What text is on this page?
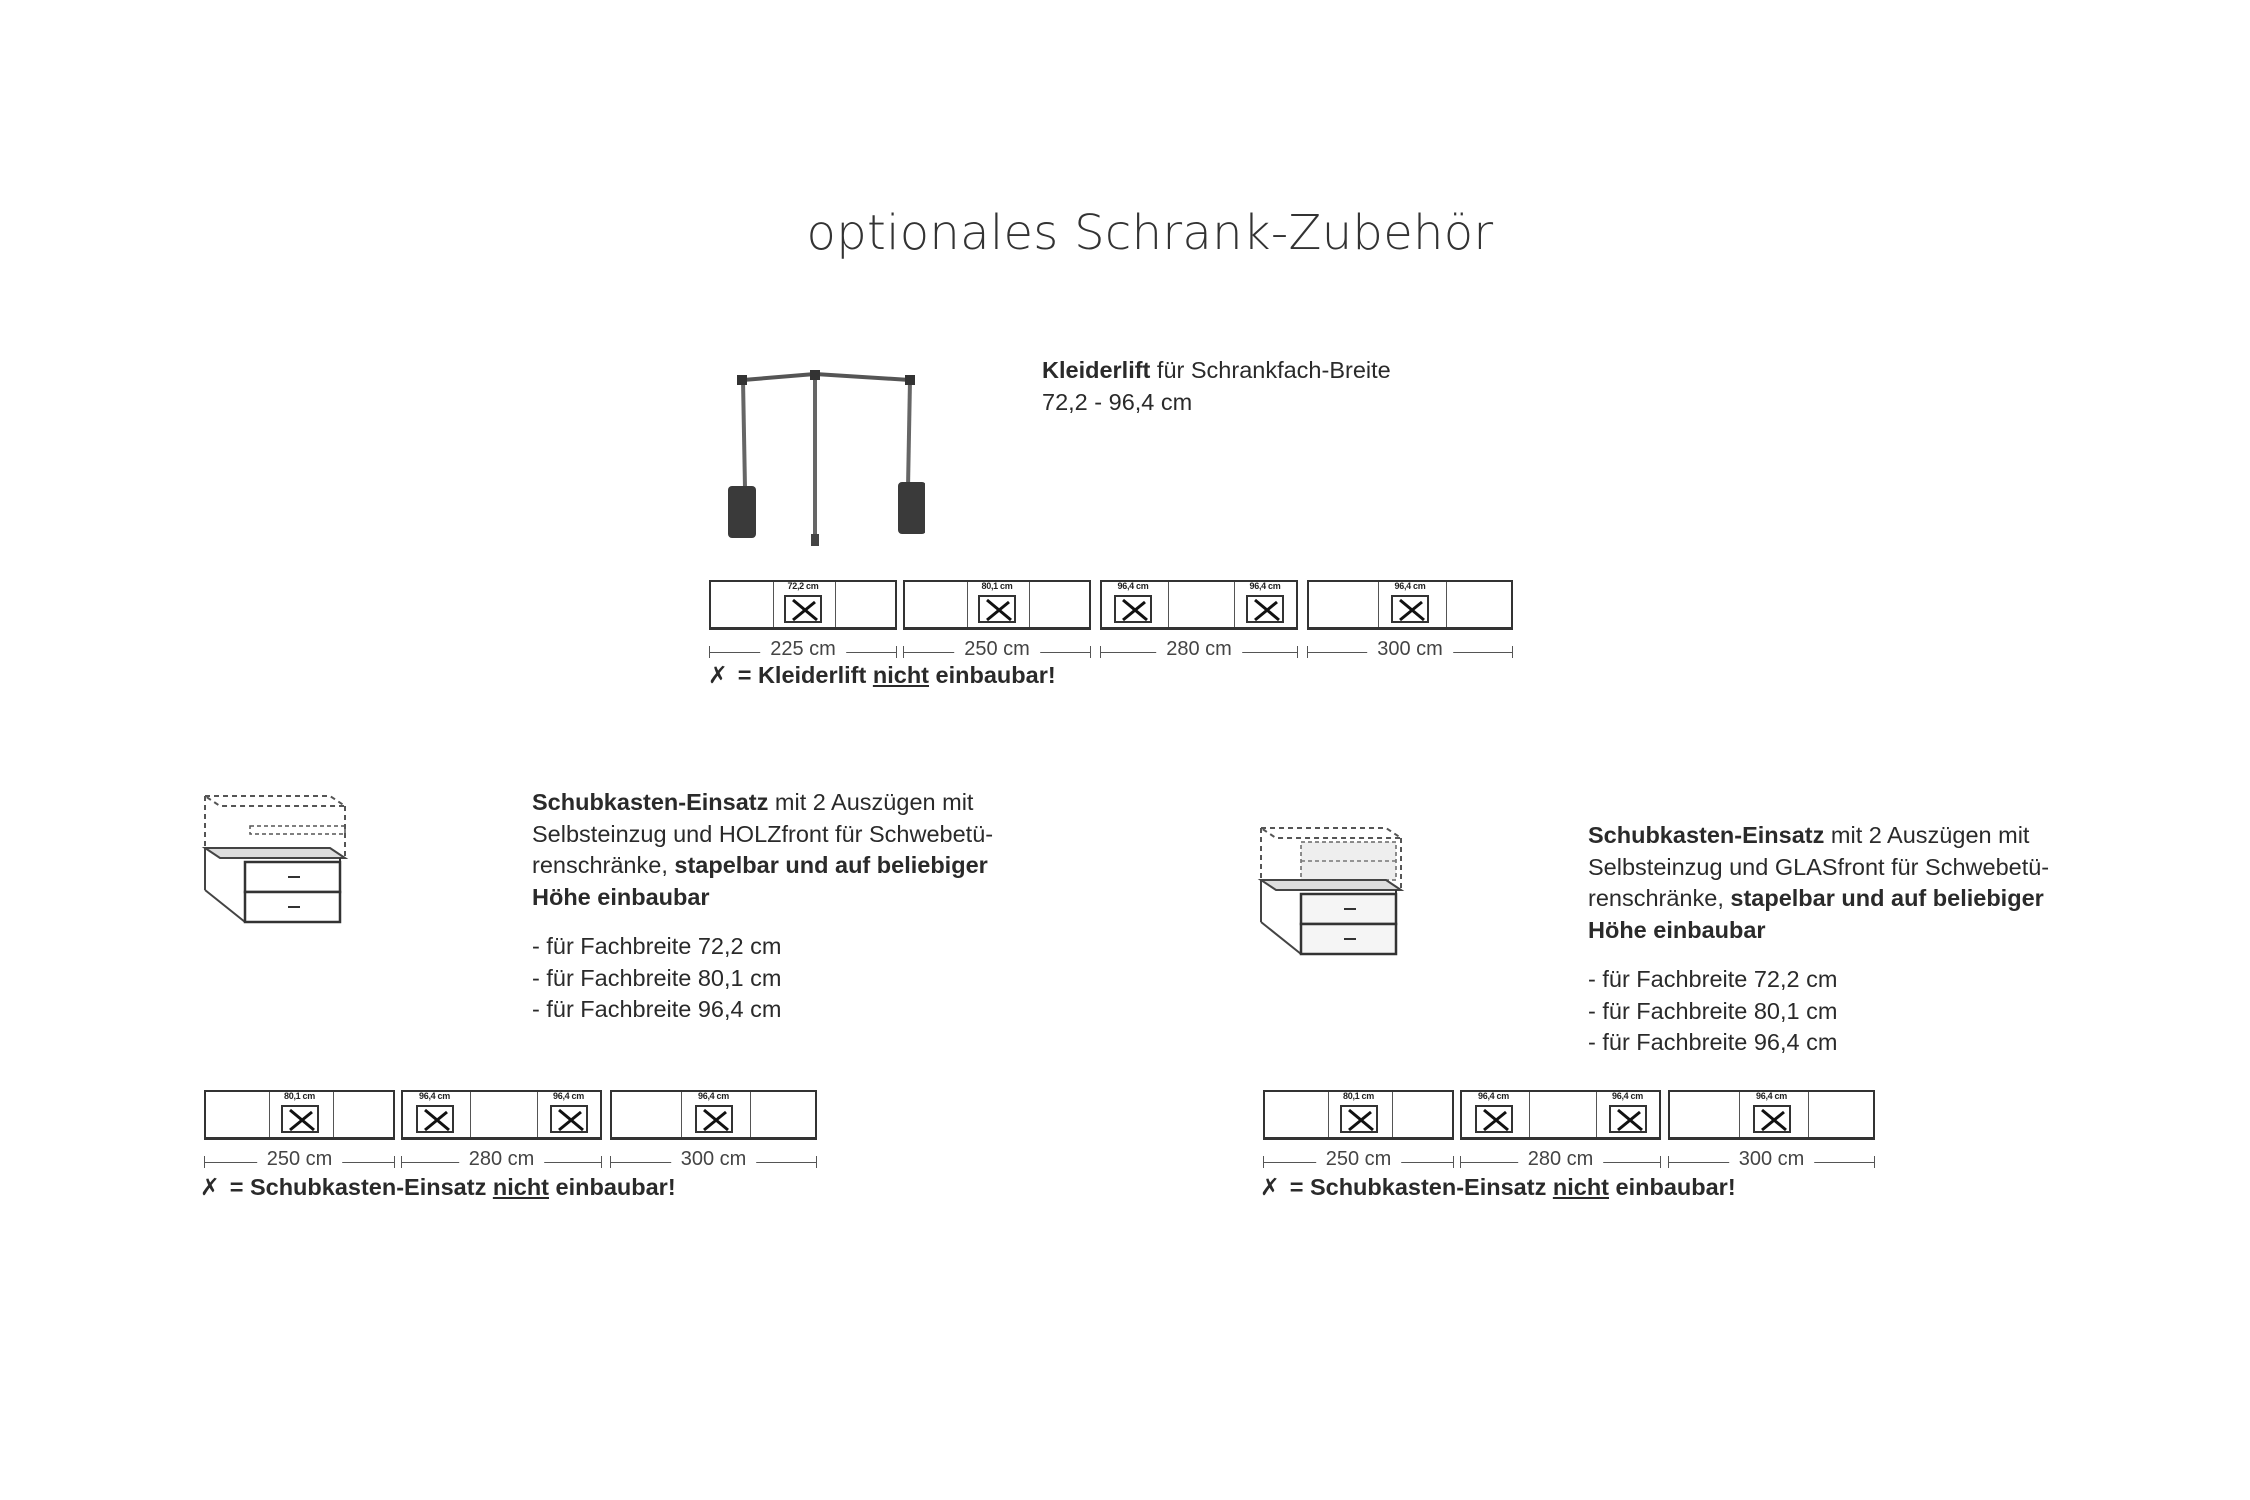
optionales Schrank-Zubehör
Kleiderlift für Schrankfach-Breite
72,2 - 96,4 cm
72,2 cm
225 cm
80,1 cm
250 cm
96,4 cm	96,4 cm
280 cm
96,4 cm
300 cm
✗ = Kleiderlift nicht einbaubar!
Schubkasten-Einsatz mit 2 Auszügen mit
Selbsteinzug und HOLZfront für Schwebetü-
renschränke, stapelbar und auf beliebiger
Höhe einbaubar
- für Fachbreite 72,2 cm
- für Fachbreite 80,1 cm
- für Fachbreite 96,4 cm
80,1 cm
250 cm
96,4 cm	96,4 cm
280 cm
96,4 cm
300 cm
✗ = Schubkasten-Einsatz nicht einbaubar!
Schubkasten-Einsatz mit 2 Auszügen mit
Selbsteinzug und GLASfront für Schwebetü-
renschränke, stapelbar und auf beliebiger
Höhe einbaubar
- für Fachbreite 72,2 cm
- für Fachbreite 80,1 cm
- für Fachbreite 96,4 cm
80,1 cm
250 cm
96,4 cm	96,4 cm
280 cm
96,4 cm
300 cm
✗ = Schubkasten-Einsatz nicht einbaubar!
